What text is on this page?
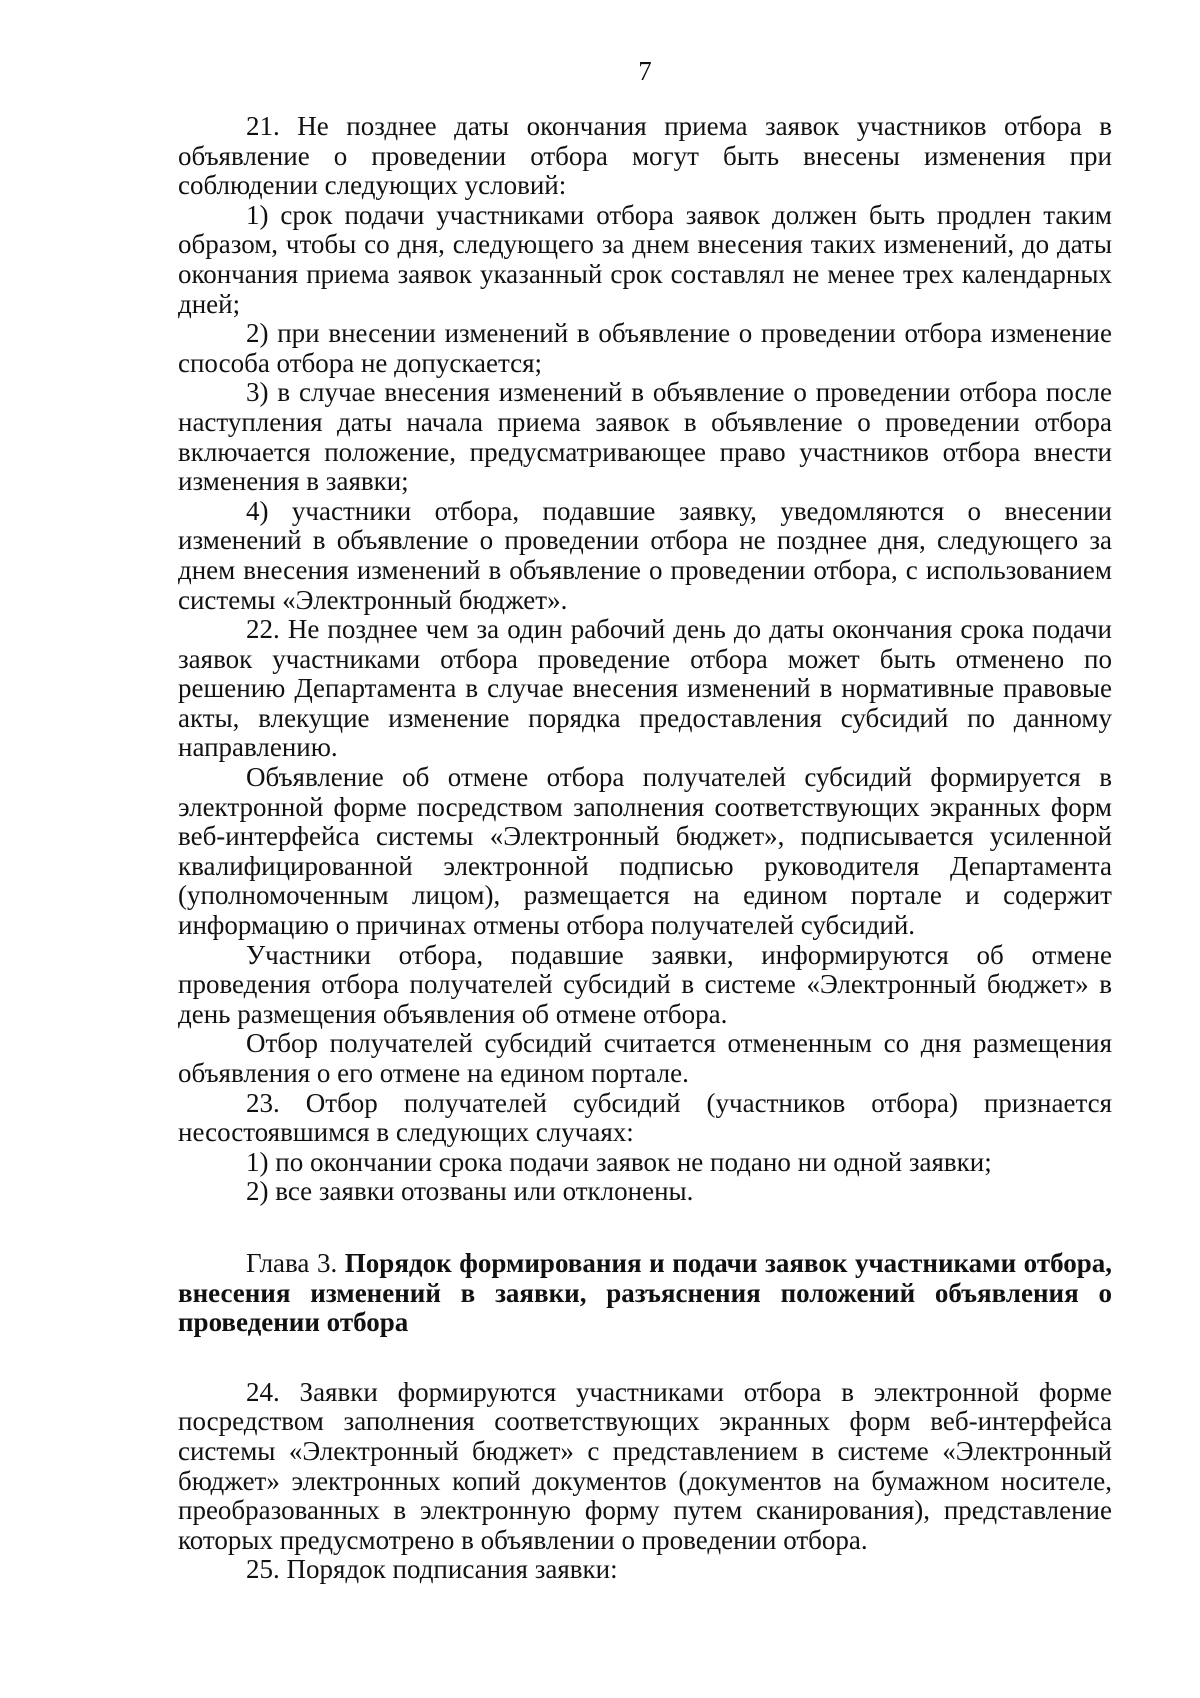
7

21. Не позднее даты окончания приема заявок участников отбора в объявление о проведении отбора могут быть внесены изменения при соблюдении следующих условий:

1) срок подачи участниками отбора заявок должен быть продлен таким образом, чтобы со дня, следующего за днем внесения таких изменений, до даты окончания приема заявок указанный срок составлял не менее трех календарных дней;

2) при внесении изменений в объявление о проведении отбора изменение способа отбора не допускается;

3) в случае внесения изменений в объявление о проведении отбора после наступления даты начала приема заявок в объявление о проведении отбора включается положение, предусматривающее право участников отбора внести изменения в заявки;

4) участники отбора, подавшие заявку, уведомляются о внесении изменений в объявление о проведении отбора не позднее дня, следующего за днем внесения изменений в объявление о проведении отбора, с использованием системы «Электронный бюджет».

22. Не позднее чем за один рабочий день до даты окончания срока подачи заявок участниками отбора проведение отбора может быть отменено по решению Департамента в случае внесения изменений в нормативные правовые акты, влекущие изменение порядка предоставления субсидий по данному направлению.

Объявление об отмене отбора получателей субсидий формируется в электронной форме посредством заполнения соответствующих экранных форм веб-интерфейса системы «Электронный бюджет», подписывается усиленной квалифицированной электронной подписью руководителя Департамента (уполномоченным лицом), размещается на едином портале и содержит информацию о причинах отмены отбора получателей субсидий.

Участники отбора, подавшие заявки, информируются об отмене проведения отбора получателей субсидий в системе «Электронный бюджет» в день размещения объявления об отмене отбора.

Отбор получателей субсидий считается отмененным со дня размещения объявления о его отмене на едином портале.

23. Отбор получателей субсидий (участников отбора) признается несостоявшимся в следующих случаях:

1) по окончании срока подачи заявок не подано ни одной заявки;

2) все заявки отозваны или отклонены.

Глава 3. Порядок формирования и подачи заявок участниками отбора, внесения изменений в заявки, разъяснения положений объявления о проведении отбора

24. Заявки формируются участниками отбора в электронной форме посредством заполнения соответствующих экранных форм веб-интерфейса системы «Электронный бюджет» с представлением в системе «Электронный бюджет» электронных копий документов (документов на бумажном носителе, преобразованных в электронную форму путем сканирования), представление которых предусмотрено в объявлении о проведении отбора.

25. Порядок подписания заявки:
